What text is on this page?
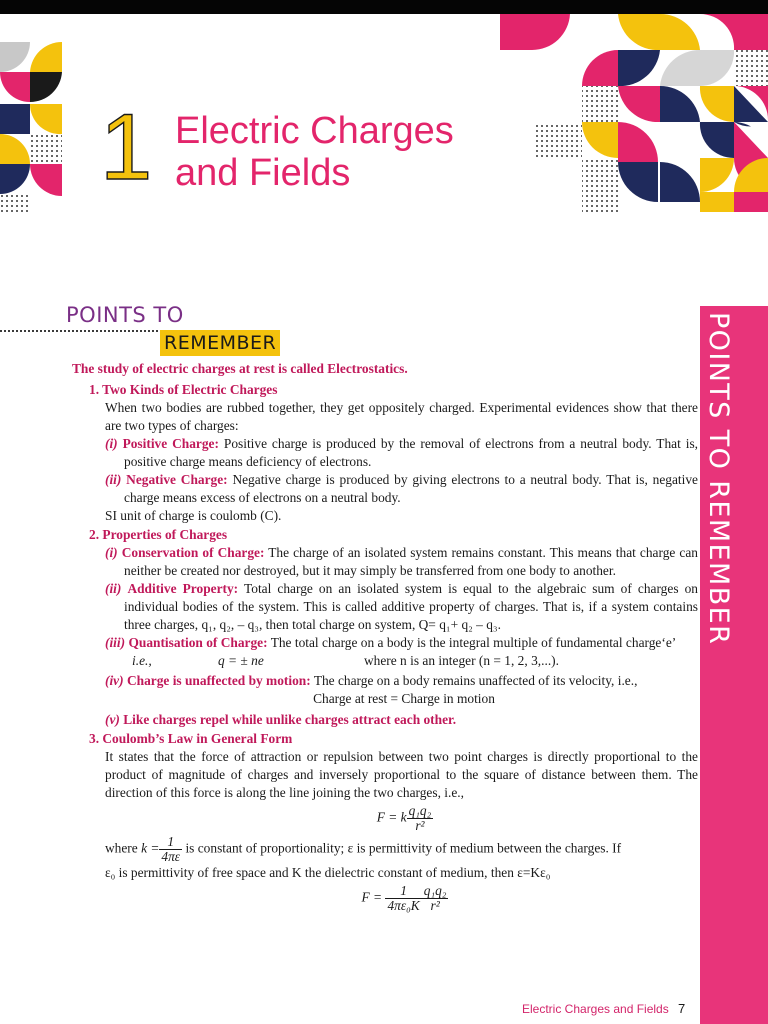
1 Electric Charges
and Fields
POINTS TO
REMEMBER	POINTS TO REMEMBER

The study of electric charges at rest is called Electrostatics.

1. Two Kinds of Electric Charges

When two bodies are rubbed together, they get oppositely charged. Experimental evidences show that there are two types of charges:

(i) Positive Charge: Positive charge is produced by the removal of electrons from a neutral body. That is, positive charge means deficiency of electrons.

(ii) Negative Charge: Negative charge is produced by giving electrons to a neutral body. That is, negative charge means excess of electrons on a neutral body.

SI unit of charge is coulomb (C).

2. Properties of Charges

(i) Conservation of Charge: The charge of an isolated system remains constant. This means that charge can neither be created nor destroyed, but it may simply be transferred from one body to another.

(ii) Additive Property: Total charge on an isolated system is equal to the algebraic sum of charges on individual bodies of the system. This is called additive property of charges. That is, if a system contains three charges, q₁, q₂, – q₃, then total charge on system, Q= q₁+ q₂ – q₃.

(iii) Quantisation of Charge: The total charge on a body is the integral multiple of fundamental charge‘e’

i.e.,	q = ± ne	where n is an integer (n = 1, 2, 3,...).

(iv) Charge is unaffected by motion: The charge on a body remains unaffected of its velocity, i.e.,

Charge at rest = Charge in motion

(v) Like charges repel while unlike charges attract each other.

3. Coulomb’s Law in General Form

It states that the force of attraction or repulsion between two point charges is directly proportional to the product of magnitude of charges and inversely proportional to the square of distance between them. The direction of this force is along the line joining the two charges, i.e.,

F = k $\frac{\text{q₁q₂}}{\text{r²}}$

where $k = \frac{1}{4\pi\varepsilon}$ is constant of proportionality; ε is permittivity of medium between the charges. If

ε₀ is permittivity of free space and K the dielectric constant of medium, then ε=Kε₀

$F = \frac{1}{\text{4πε₀K}} \frac{\text{q₁q₂}}{\text{r²}}$
Electric Charges and Fields 7
